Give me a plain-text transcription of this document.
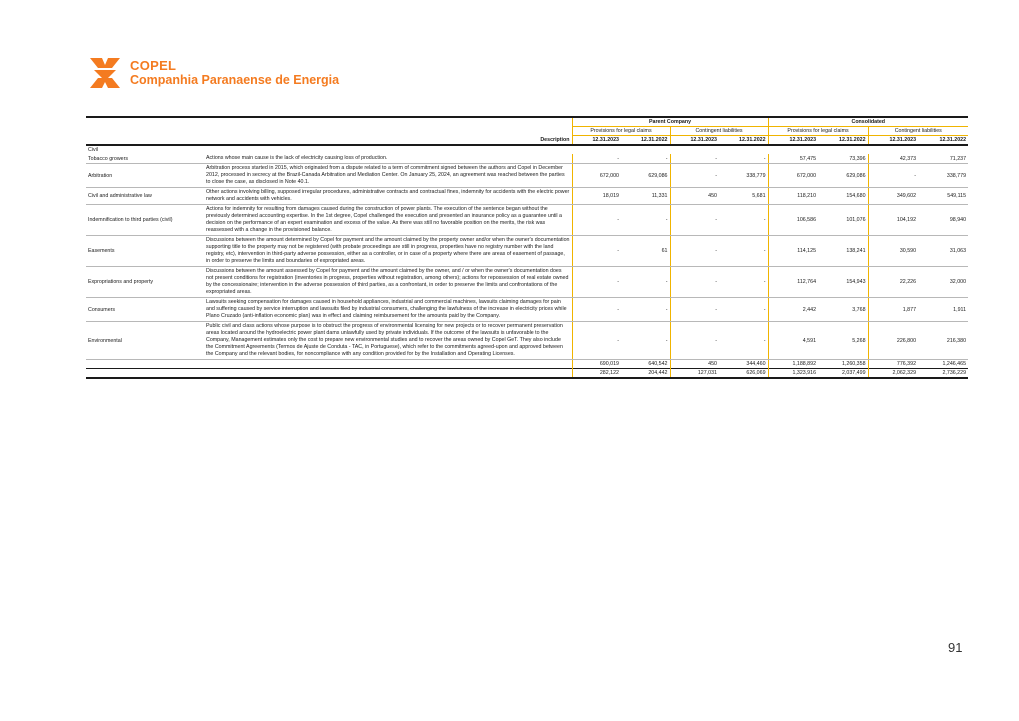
COPEL
Companhia Paranaense de Energia
		Parent Company				Consolidated			
		Provisions for legal claims		Contingent liabilities		Provisions for legal claims		Contingent liabilities	
	Description	12.31.2023	12.31.2022	12.31.2023	12.31.2022	12.31.2023	12.31.2022	12.31.2023	12.31.2022
Civil									
Tobacco growers	Actions whose main cause is the lack of electricity causing loss of production.	-	-	-	-	57,475	73,396	42,373	71,237
Arbitration	Arbitration process started in 2015, which originated from a dispute related to a term of commitment signed between the authors and Copel in December 2012, processed in secrecy at the Brazil-Canada Arbitration and Mediation Center. On January 25, 2024, an agreement was reached between the parties to close the case, as disclosed in Note 40.1.	672,000	629,086	-	338,779	672,000	629,086	-	338,779
Civil and administrative law	Other actions involving billing, supposed irregular procedures, administrative contracts and contractual fines, indemnity for accidents with the electric power network and accidents with vehicles.	18,019	11,331	450	5,681	118,210	154,680	349,602	549,115
Indemnification to third parties (civil)	Actions for indemnity for resulting from damages caused during the construction of power plants. The execution of the sentence began without the previously determined accounting expertise. In the 1st degree, Copel challenged the execution and presented an insurance policy as a guarantee until a decision on the performance of an expert examination and excess of the value. As there was still no favorable position on the merits, the risk was reassessed with a change in the provisioned balance.	-	-	-	-	106,586	101,076	104,192	98,940
Easements	Discussions between the amount determined by Copel for payment and the amount claimed by the property owner and/or when the owner's documentation supporting title to the property may not be registered (with probate proceedings are still in progress, properties have no registry number with the land registry, etc), intervention in third-party adverse possession, either as a controller, or in case of a property where there are areas of easement of passage, in order to preserve the limits and boundaries of expropriated areas.	-	61	-	-	114,125	138,241	30,590	31,063
Expropriations and property	Discussions between the amount assessed by Copel for payment and the amount claimed by the owner, and / or when the owner's documentation does not present conditions for registration (inventories in progress, properties without registration, among others); actions for repossession of real estate owned by the concessionaire; intervention in the adverse possession of third parties, as a confrontant, in order to preserve the limits and confrontations of the expropriated areas.	-	-	-	-	112,764	154,943	22,226	32,000
Consumers	Lawsuits seeking compensation for damages caused in household appliances, industrial and commercial machines, lawsuits claiming damages for pain and suffering caused by service interruption and lawsuits filed by industrial consumers, challenging the lawfulness of the increase in electricity prices while Plano Cruzado (anti-inflation economic plan) was in effect and claiming reimbursement for the amounts paid by the Company.	-	-	-	-	2,442	3,768	1,877	1,911
Environmental	Public civil and class actions whose purpose is to obstruct the progress of environmental licensing for new projects or to recover permanent preservation areas located around the hydroelectric power plant dams unlawfully used by private individuals. If the outcome of the lawsuits is unfavorable to the Company, Management estimates only the cost to prepare new environmental studies and to recover the areas owned by Copel GeT. They also include the Commitment Agreements (Termos de Ajuste de Conduta - TAC, in Portuguese), which refer to the commitments agreed-upon and approved between the Company and the relevant bodies, for noncompliance with any condition provided for by the Installation and Operating Licenses.	-	-	-	-	4,591	5,268	226,800	216,380
		690,019	640,542	450	344,460	1,188,892	1,260,358	776,392	1,246,465
		282,122	204,442	127,031	626,069	1,323,916	2,037,499	2,062,329	2,736,229
91
